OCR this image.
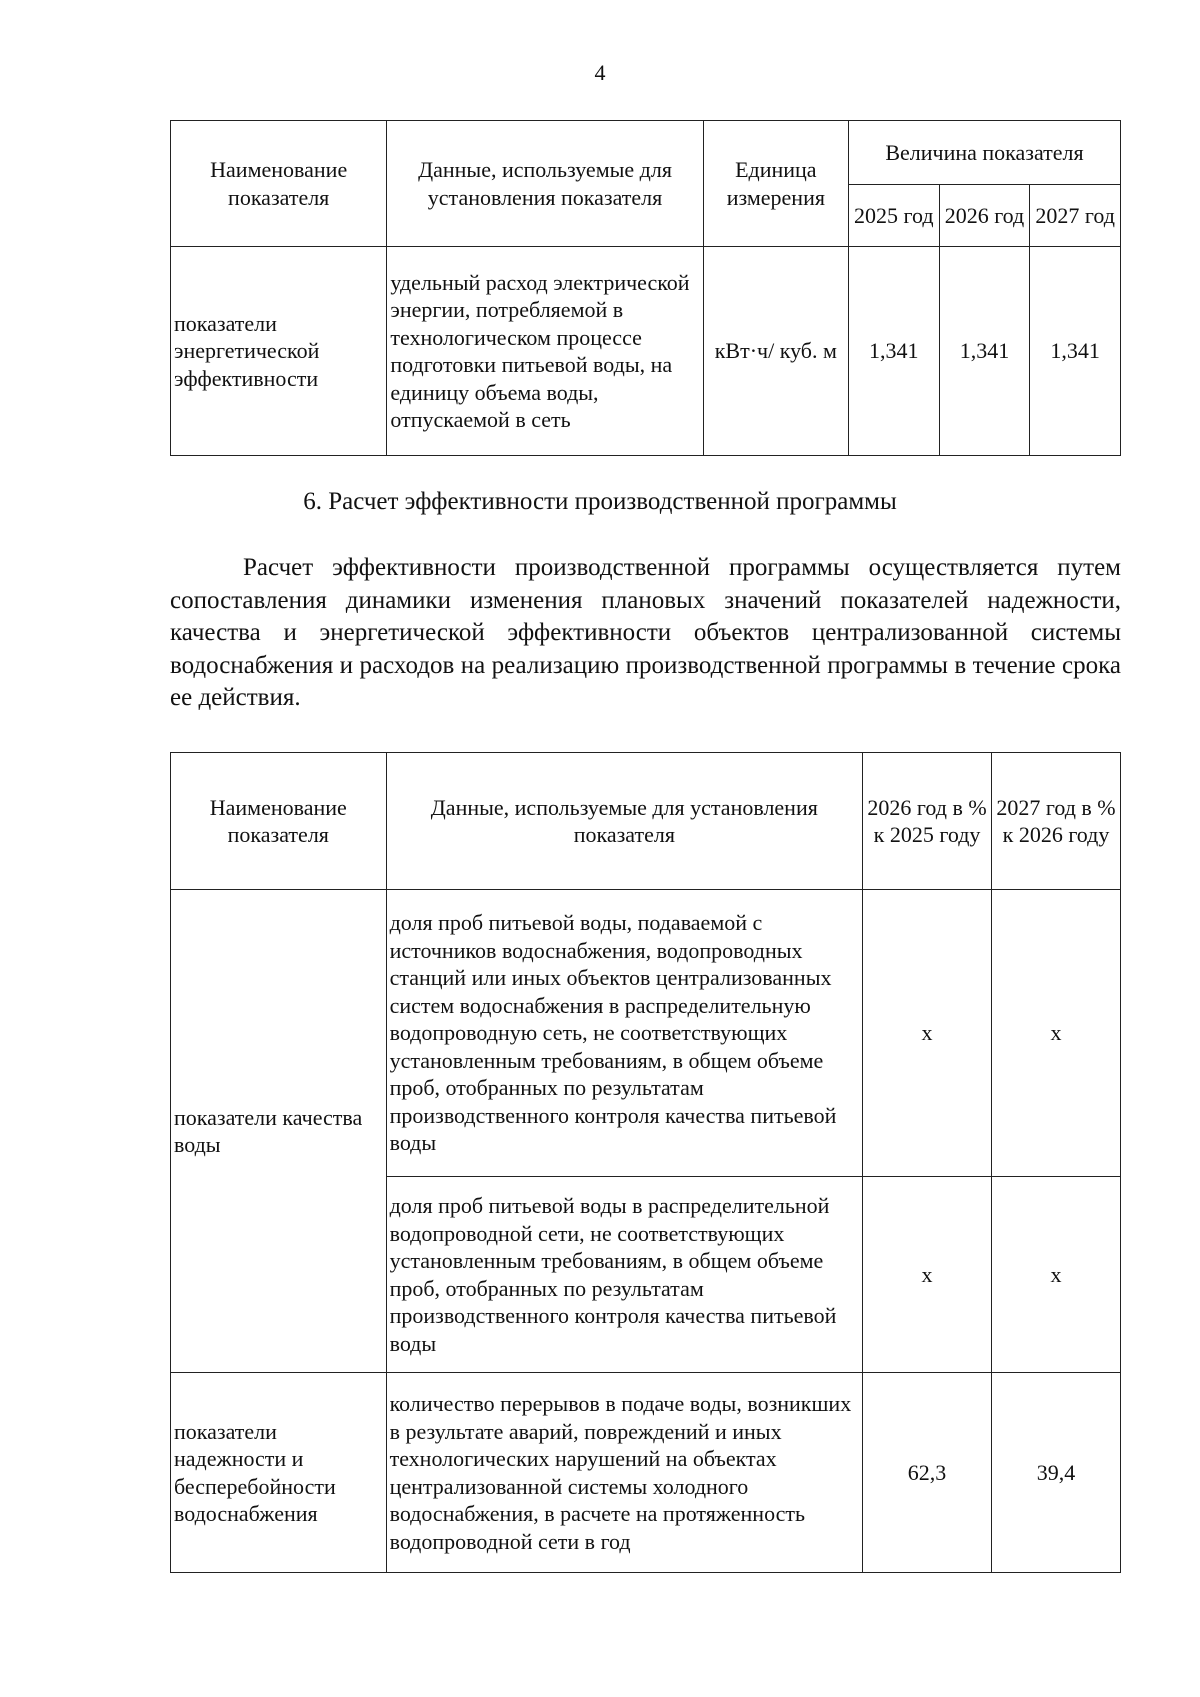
4
Наименование показателя	Данные, используемые для установления показателя	Единица измерения	Величина показателя		
			2025 год	2026 год	2027 год
показатели энергетической эффективности	удельный расход электрической энергии, потребляемой в технологическом процессе подготовки питьевой воды, на единицу объема воды, отпускаемой в сеть	кВт·ч/ куб. м	1,341	1,341	1,341
6. Расчет эффективности производственной программы

Расчет эффективности производственной программы осуществляется путем сопоставления динамики изменения плановых значений показателей надежности, качества и энергетической эффективности объектов централизованной системы водоснабжения и расходов на реализацию производственной программы в течение срока ее действия.

Наименование показателя	Данные, используемые для установления показателя	2026 год в % к 2025 году	2027 год в % к 2026 году
показатели качества воды	доля проб питьевой воды, подаваемой с источников водоснабжения, водопроводных станций или иных объектов централизованных систем водоснабжения в распределительную водопроводную сеть, не соответствующих установленным требованиям, в общем объеме проб, отобранных по результатам производственного контроля качества питьевой воды	x	x
	доля проб питьевой воды в распределительной водопроводной сети, не соответствующих установленным требованиям, в общем объеме проб, отобранных по результатам производственного контроля качества питьевой воды	x	x
показатели надежности и бесперебойности водоснабжения	количество перерывов в подаче воды, возникших в результате аварий, повреждений и иных технологических нарушений на объектах централизованной системы холодного водоснабжения, в расчете на протяженность водопроводной сети в год	62,3	39,4
